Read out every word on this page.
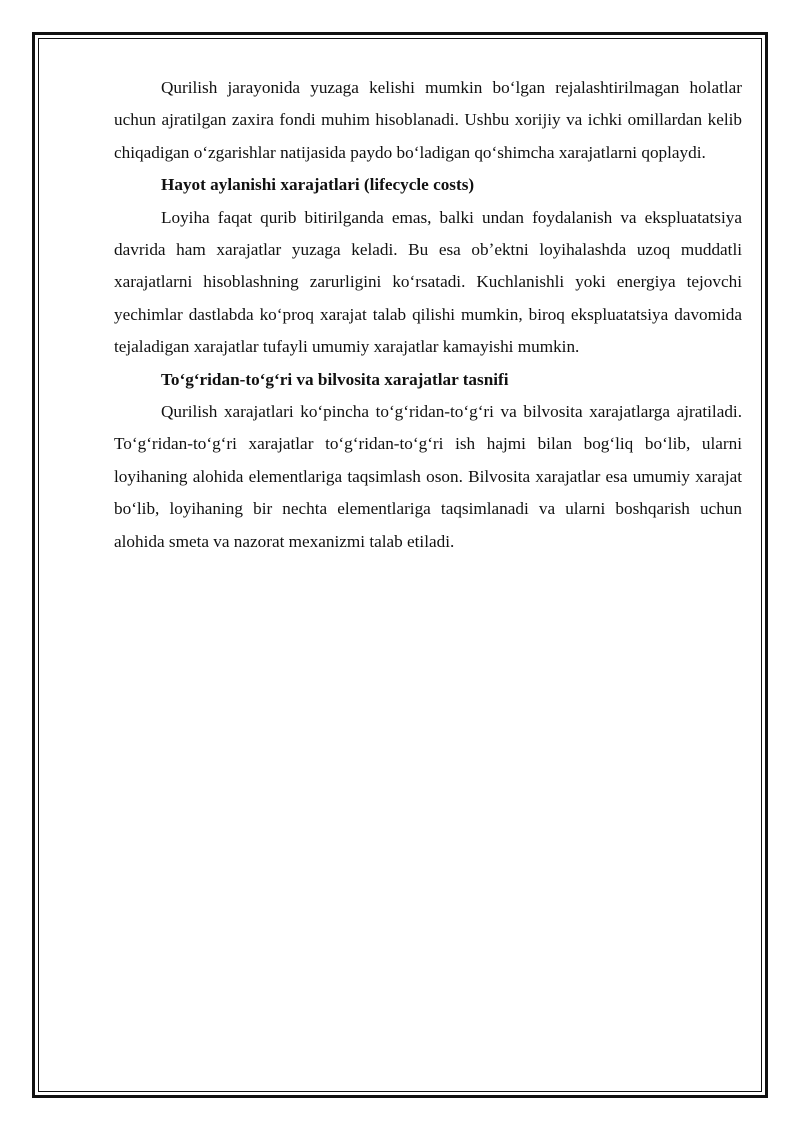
Qurilish jarayonida yuzaga kelishi mumkin boʻlgan rejalashtirilmagan holatlar uchun ajratilgan zaxira fondi muhim hisoblanadi. Ushbu xorijiy va ichki omillardan kelib chiqadigan oʻzgarishlar natijasida paydo boʻladigan qoʻshimcha xarajatlarni qoplaydi.

Hayot aylanishi xarajatlari (lifecycle costs)

Loyiha faqat qurib bitirilganda emas, balki undan foydalanish va ekspluatatsiya davrida ham xarajatlar yuzaga keladi. Bu esa obʼektni loyihalashda uzoq muddatli xarajatlarni hisoblashning zarurligini koʻrsatadi. Kuchlanishli yoki energiya tejovchi yechimlar dastlabda koʻproq xarajat talab qilishi mumkin, biroq ekspluatatsiya davomida tejaladigan xarajatlar tufayli umumiy xarajatlar kamayishi mumkin.

Toʻgʻridan-toʻgʻri va bilvosita xarajatlar tasnifi

Qurilish xarajatlari koʻpincha toʻgʻridan-toʻgʻri va bilvosita xarajatlarga ajratiladi. Toʻgʻridan-toʻgʻri xarajatlar toʻgʻridan-toʻgʻri ish hajmi bilan bogʻliq boʻlib, ularni loyihaning alohida elementlariga taqsimlash oson. Bilvosita xarajatlar esa umumiy xarajat boʻlib, loyihaning bir nechta elementlariga taqsimlanadi va ularni boshqarish uchun alohida smeta va nazorat mexanizmi talab etiladi.
